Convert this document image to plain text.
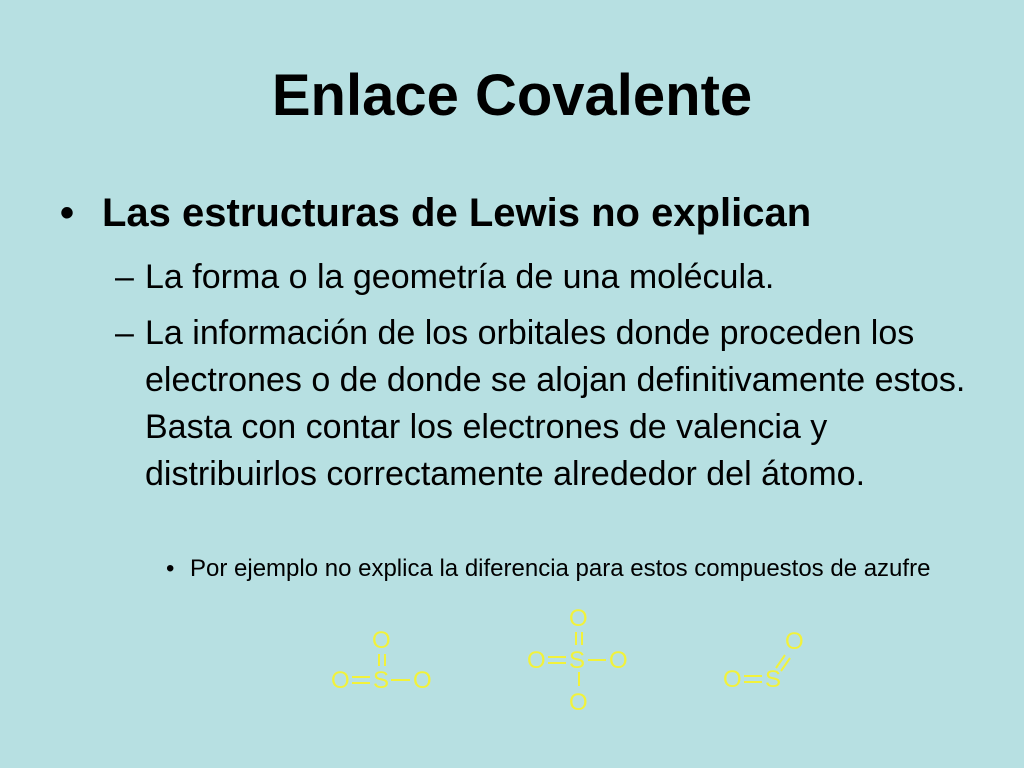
Enlace Covalente
• Las estructuras de Lewis no explican
– La forma o la geometría de una molécula.
– La información de los orbitales donde proceden los electrones o de donde se alojan definitivamente estos. Basta con contar los electrones de valencia y distribuirlos correctamente alrededor del átomo.
• Por ejemplo no explica la diferencia para estos compuestos de azufre
O
O S O
O
O S O
O
O
O S
